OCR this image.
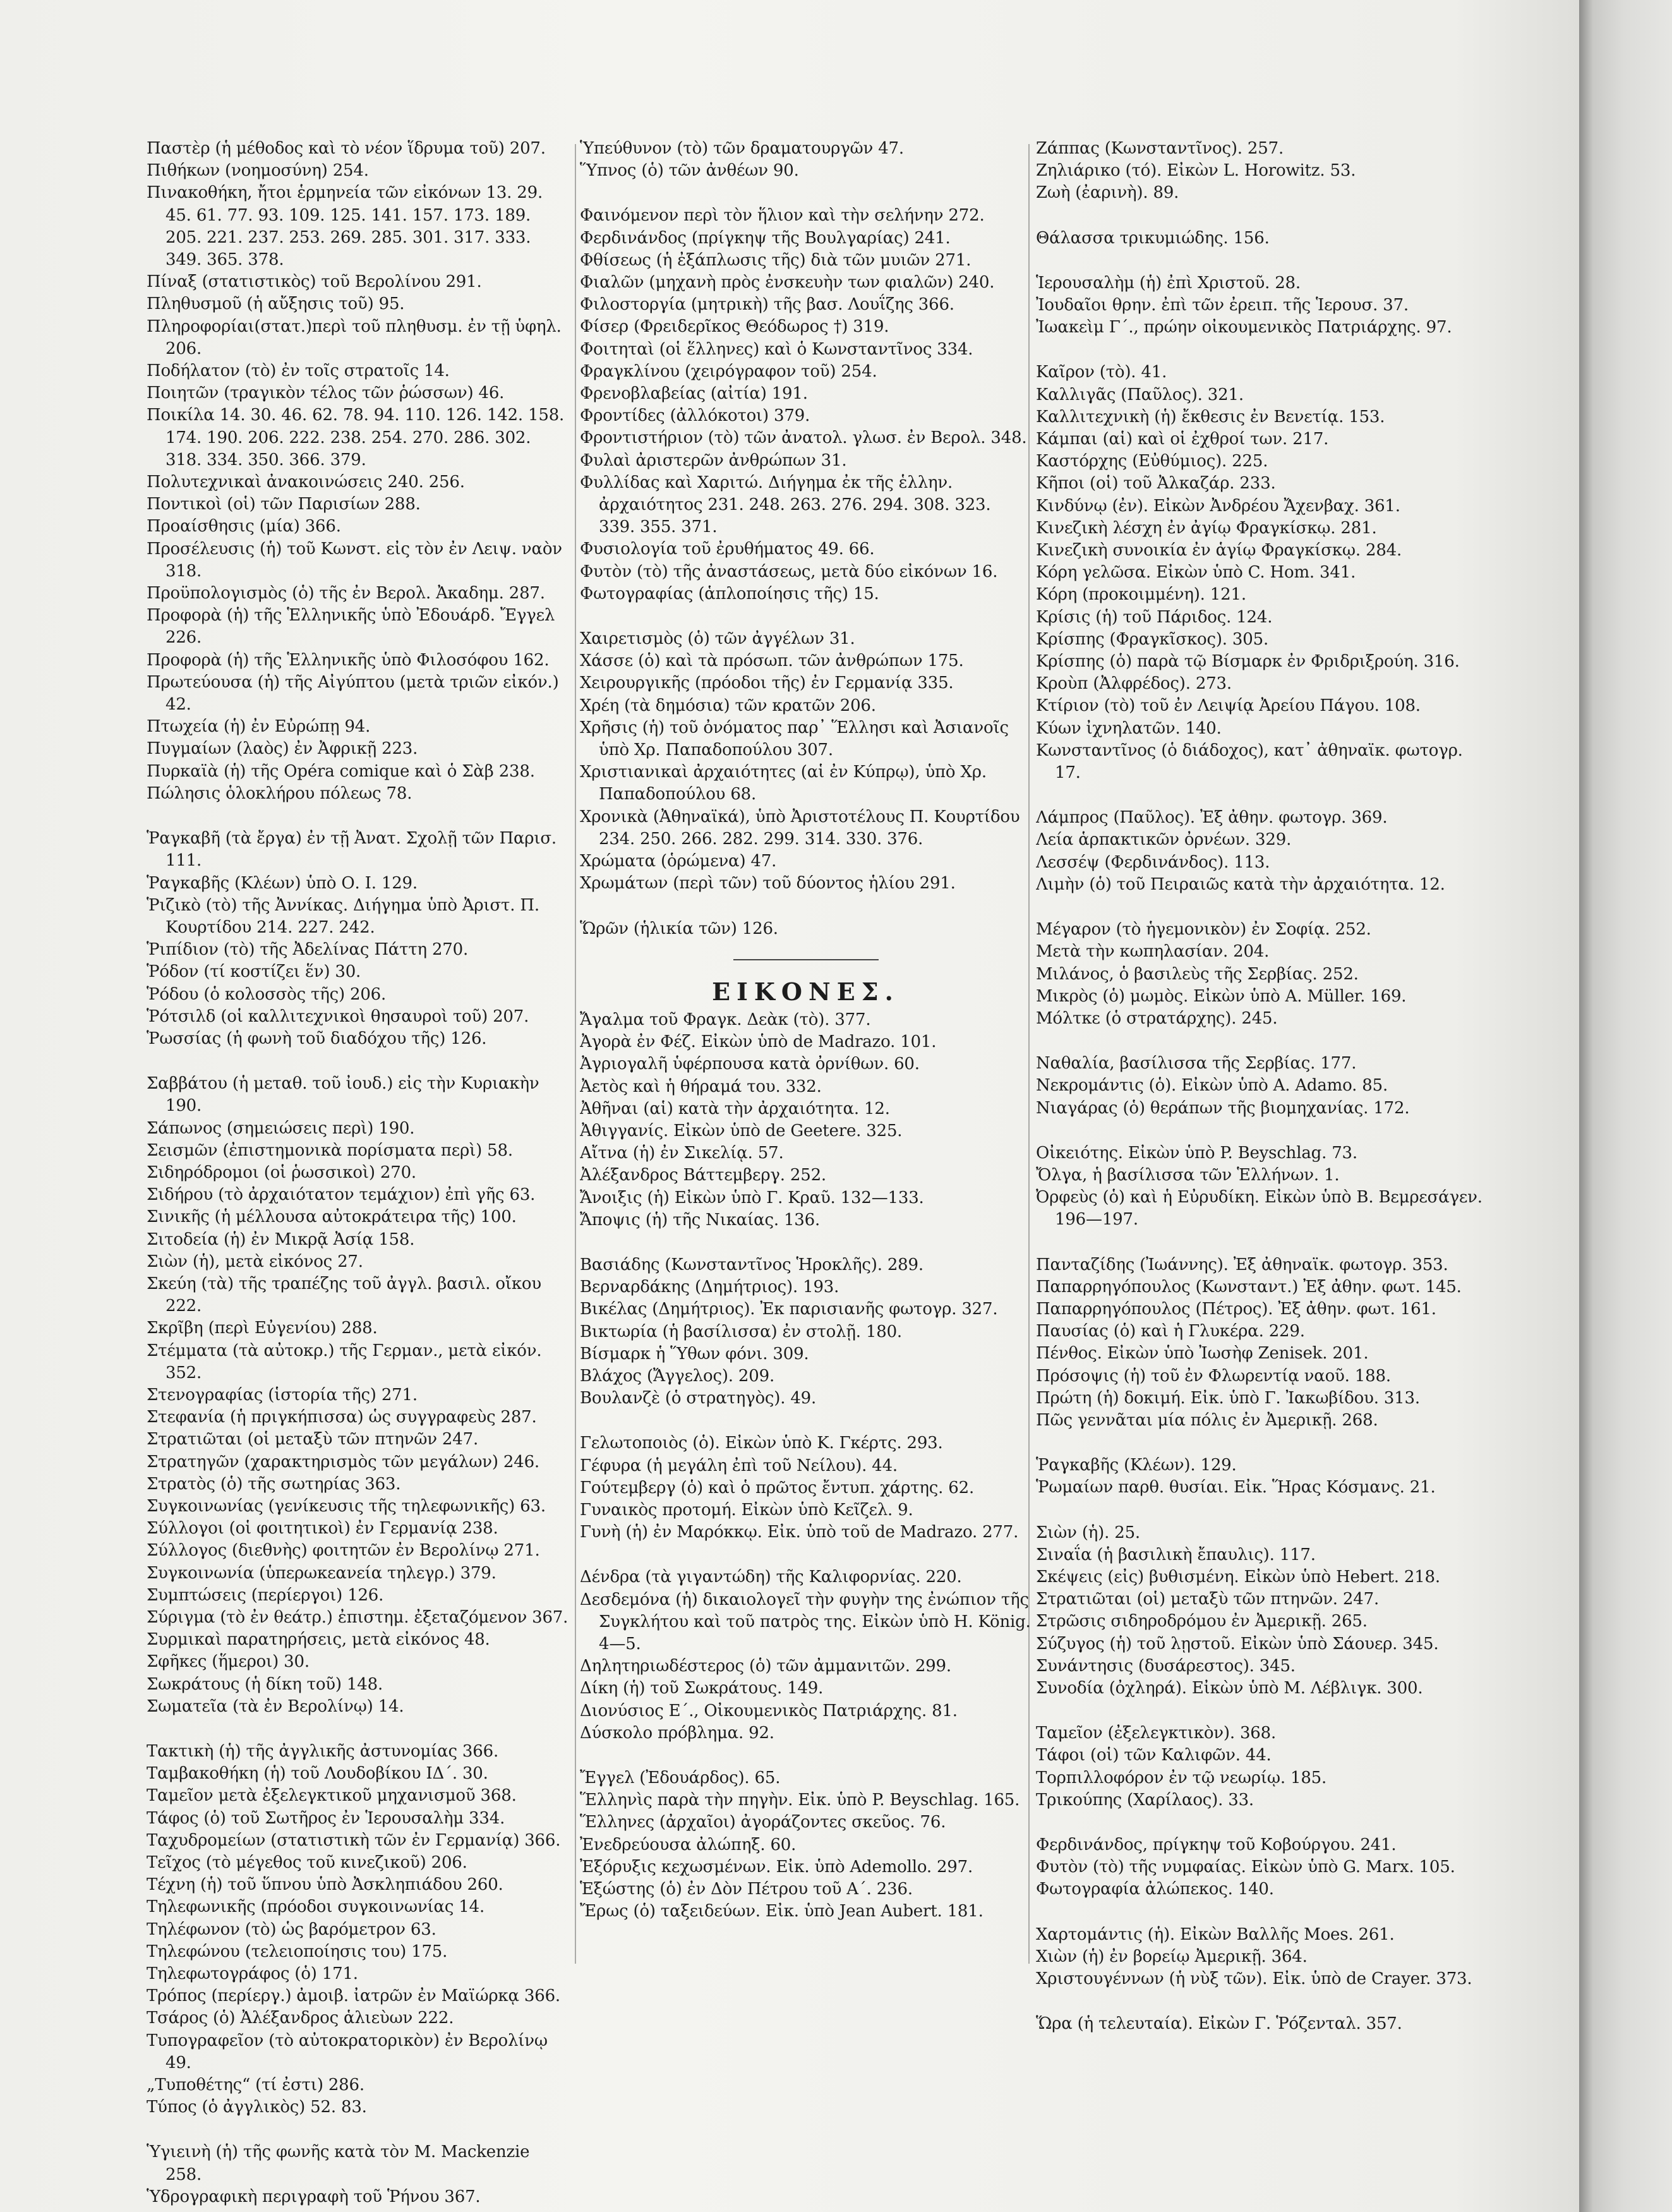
Παστὲρ (ἡ μέθοδος καὶ τὸ νέον ἵδρυμα τοῦ) 207.
Πιθήκων (νοημοσύνη) 254.
Πινακοθήκη, ἤτοι ἑρμηνεία τῶν εἰκόνων 13. 29. 45. 61. 77. 93. 109. 125. 141. 157. 173. 189. 205. 221. 237. 253. 269. 285. 301. 317. 333. 349. 365. 378.
Πίναξ (στατιστικὸς) τοῦ Βερολίνου 291.
Πληθυσμοῦ (ἡ αὔξησις τοῦ) 95.
Πληροφορίαι(στατ.)περὶ τοῦ πληθυσμ. ἐν τῇ ὑφηλ. 206.
Ποδήλατον (τὸ) ἐν τοῖς στρατοῖς 14.
Ποιητῶν (τραγικὸν τέλος τῶν ῥώσσων) 46.
Ποικίλα 14. 30. 46. 62. 78. 94. 110. 126. 142. 158. 174. 190. 206. 222. 238. 254. 270. 286. 302. 318. 334. 350. 366. 379.
Πολυτεχνικαὶ ἀνακοινώσεις 240. 256.
Ποντικοὶ (οἱ) τῶν Παρισίων 288.
Προαίσθησις (μία) 366.
Προσέλευσις (ἡ) τοῦ Κωνστ. εἰς τὸν ἐν Λειψ. ναὸν 318.
Προϋπολογισμὸς (ὁ) τῆς ἐν Βερολ. Ἀκαδημ. 287.
Προφορὰ (ἡ) τῆς Ἑλληνικῆς ὑπὸ Ἐδουάρδ. Ἔγγελ 226.
Προφορὰ (ἡ) τῆς Ἑλληνικῆς ὑπὸ Φιλοσόφου 162.
Πρωτεύουσα (ἡ) τῆς Αἰγύπτου (μετὰ τριῶν εἰκόν.) 42.
Πτωχεία (ἡ) ἐν Εὐρώπῃ 94.
Πυγμαίων (λαὸς) ἐν Ἀφρικῇ 223.
Πυρκαϊὰ (ἡ) τῆς Opéra comique καὶ ὁ Σὰβ 238.
Πώλησις ὁλοκλήρου πόλεως 78.
Ῥαγκαβῆ (τὰ ἔργα) ἐν τῇ Ἀνατ. Σχολῇ τῶν Παρισ. 111.
Ῥαγκαβῆς (Κλέων) ὑπὸ Ο. Ι. 129.
Ῥιζικὸ (τὸ) τῆς Ἀννίκας. Διήγημα ὑπὸ Ἀριστ. Π. Κουρτίδου 214. 227. 242.
Ῥιπίδιον (τὸ) τῆς Ἀδελίνας Πάττη 270.
Ῥόδον (τί κοστίζει ἕν) 30.
Ῥόδου (ὁ κολοσσὸς τῆς) 206.
Ῥότσιλδ (οἱ καλλιτεχνικοὶ θησαυροὶ τοῦ) 207.
Ῥωσσίας (ἡ φωνὴ τοῦ διαδόχου τῆς) 126.
Σαββάτου (ἡ μεταθ. τοῦ ἰουδ.) εἰς τὴν Κυριακὴν 190.
Σάπωνος (σημειώσεις περὶ) 190.
Σεισμῶν (ἐπιστημονικὰ πορίσματα περὶ) 58.
Σιδηρόδρομοι (οἱ ῥωσσικοὶ) 270.
Σιδήρου (τὸ ἀρχαιότατον τεμάχιον) ἐπὶ γῆς 63.
Σινικῆς (ἡ μέλλουσα αὐτοκράτειρα τῆς) 100.
Σιτοδεία (ἡ) ἐν Μικρᾷ Ἀσίᾳ 158.
Σιὼν (ἡ), μετὰ εἰκόνος 27.
Σκεύη (τὰ) τῆς τραπέζης τοῦ ἀγγλ. βασιλ. οἴκου 222.
Σκρῖβη (περὶ Εὐγενίου) 288.
Στέμματα (τὰ αὐτοκρ.) τῆς Γερμαν., μετὰ εἰκόν. 352.
Στενογραφίας (ἱστορία τῆς) 271.
Στεφανία (ἡ πριγκήπισσα) ὡς συγγραφεὺς 287.
Στρατιῶται (οἱ μεταξὺ τῶν πτηνῶν 247.
Στρατηγῶν (χαρακτηρισμὸς τῶν μεγάλων) 246.
Στρατὸς (ὁ) τῆς σωτηρίας 363.
Συγκοινωνίας (γενίκευσις τῆς τηλεφωνικῆς) 63.
Σύλλογοι (οἱ φοιτητικοὶ) ἐν Γερμανίᾳ 238.
Σύλλογος (διεθνὴς) φοιτητῶν ἐν Βερολίνῳ 271.
Συγκοινωνία (ὑπερωκεανεία τηλεγρ.) 379.
Συμπτώσεις (περίεργοι) 126.
Σύριγμα (τὸ ἐν θεάτρ.) ἐπιστημ. ἐξεταζόμενον 367.
Συρμικαὶ παρατηρήσεις, μετὰ εἰκόνος 48.
Σφῆκες (ἥμεροι) 30.
Σωκράτους (ἡ δίκη τοῦ) 148.
Σωματεῖα (τὰ ἐν Βερολίνῳ) 14.
Τακτικὴ (ἡ) τῆς ἀγγλικῆς ἀστυνομίας 366.
Ταμβακοθήκη (ἡ) τοῦ Λουδοβίκου ΙΔ΄. 30.
Ταμεῖον μετὰ ἐξελεγκτικοῦ μηχανισμοῦ 368.
Τάφος (ὁ) τοῦ Σωτῆρος ἐν Ἱερουσαλὴμ 334.
Ταχυδρομείων (στατιστικὴ τῶν ἐν Γερμανίᾳ) 366.
Τεῖχος (τὸ μέγεθος τοῦ κινεζικοῦ) 206.
Τέχνη (ἡ) τοῦ ὕπνου ὑπὸ Ἀσκληπιάδου 260.
Τηλεφωνικῆς (πρόοδοι συγκοινωνίας 14.
Τηλέφωνον (τὸ) ὡς βαρόμετρον 63.
Τηλεφώνου (τελειοποίησις του) 175.
Τηλεφωτογράφος (ὁ) 171.
Τρόπος (περίεργ.) ἀμοιβ. ἰατρῶν ἐν Μαϊώρκᾳ 366.
Τσάρος (ὁ) Ἀλέξανδρος ἁλιεὺων 222.
Τυπογραφεῖον (τὸ αὐτοκρατορικὸν) ἐν Βερολίνῳ 49.
„Τυποθέτης“ (τί ἐστι) 286.
Τύπος (ὁ ἀγγλικὸς) 52. 83.
Ὑγιεινὴ (ἡ) τῆς φωνῆς κατὰ τὸν M. Mackenzie 258.
Ὑδρογραφικὴ περιγραφὴ τοῦ Ῥήνου 367.
Ὑπεύθυνον (τὸ) τῶν δραματουργῶν 47.
Ὕπνος (ὁ) τῶν ἀνθέων 90.
Φαινόμενον περὶ τὸν ἥλιον καὶ τὴν σελήνην 272.
Φερδινάνδος (πρίγκηψ τῆς Βουλγαρίας) 241.
Φθίσεως (ἡ ἐξάπλωσις τῆς) διὰ τῶν μυιῶν 271.
Φιαλῶν (μηχανὴ πρὸς ἐνσκευὴν των φιαλῶν) 240.
Φιλοστοργία (μητρικὴ) τῆς βασ. Λουΐζης 366.
Φίσερ (Φρειδερῖκος Θεόδωρος †) 319.
Φοιτηταὶ (οἱ ἕλληνες) καὶ ὁ Κωνσταντῖνος 334.
Φραγκλίνου (χειρόγραφον τοῦ) 254.
Φρενοβλαβείας (αἰτία) 191.
Φροντίδες (ἀλλόκοτοι) 379.
Φροντιστήριον (τὸ) τῶν ἀνατολ. γλωσ. ἐν Βερολ. 348.
Φυλαὶ ἀριστερῶν ἀνθρώπων 31.
Φυλλίδας καὶ Χαριτώ. Διήγημα ἐκ τῆς ἑλλην. ἀρχαιότητος 231. 248. 263. 276. 294. 308. 323. 339. 355. 371.
Φυσιολογία τοῦ ἐρυθήματος 49. 66.
Φυτὸν (τὸ) τῆς ἀναστάσεως, μετὰ δύο εἰκόνων 16.
Φωτογραφίας (ἁπλοποίησις τῆς) 15.
Χαιρετισμὸς (ὁ) τῶν ἀγγέλων 31.
Χάσσε (ὁ) καὶ τὰ πρόσωπ. τῶν ἀνθρώπων 175.
Χειρουργικῆς (πρόοδοι τῆς) ἐν Γερμανίᾳ 335.
Χρέη (τὰ δημόσια) τῶν κρατῶν 206.
Χρῆσις (ἡ) τοῦ ὀνόματος παρ᾽ Ἕλλησι καὶ Ἀσιανοῖς ὑπὸ Χρ. Παπαδοπούλου 307.
Χριστιανικαὶ ἀρχαιότητες (αἱ ἐν Κύπρῳ), ὑπὸ Χρ. Παπαδοπούλου 68.
Χρονικὰ (Ἀθηναϊκά), ὑπὸ Ἀριστοτέλους Π. Κουρτίδου 234. 250. 266. 282. 299. 314. 330. 376.
Χρώματα (ὁρώμενα) 47.
Χρωμάτων (περὶ τῶν) τοῦ δύοντος ἡλίου 291.
Ὥρῶν (ἡλικία τῶν) 126.
ΕΙΚΟΝΕΣ.
Ἄγαλμα τοῦ Φραγκ. Δεὰκ (τὸ). 377.
Ἀγορὰ ἐν Φέζ. Εἰκὼν ὑπὸ de Madrazo. 101.
Ἀγριογαλῆ ὑφέρπουσα κατὰ ὀρνίθων. 60.
Ἀετὸς καὶ ἡ θήραμά του. 332.
Ἀθῆναι (αἱ) κατὰ τὴν ἀρχαιότητα. 12.
Ἀθιγγανίς. Εἰκὼν ὑπὸ de Geetere. 325.
Αἴτνα (ἡ) ἐν Σικελίᾳ. 57.
Ἀλέξανδρος Βάττεμβεργ. 252.
Ἄνοιξις (ἡ) Εἰκὼν ὑπὸ Γ. Κραῦ. 132—133.
Ἄποψις (ἡ) τῆς Νικαίας. 136.
Βασιάδης (Κωνσταντῖνος Ἡροκλῆς). 289.
Βερναρδάκης (Δημήτριος). 193.
Βικέλας (Δημήτριος). Ἐκ παρισιανῆς φωτογρ. 327.
Βικτωρία (ἡ βασίλισσα) ἐν στολῇ. 180.
Βίσμαρκ ἡ Ὕθων φόνι. 309.
Βλάχος (Ἄγγελος). 209.
Βουλανζὲ (ὁ στρατηγὸς). 49.
Γελωτοποιὸς (ὁ). Εἰκὼν ὑπὸ Κ. Γκέρτς. 293.
Γέφυρα (ἡ μεγάλη ἐπὶ τοῦ Νείλου). 44.
Γούτεμβεργ (ὁ) καὶ ὁ πρῶτος ἔντυπ. χάρτης. 62.
Γυναικὸς προτομή. Εἰκὼν ὑπὸ Κεῖζελ. 9.
Γυνὴ (ἡ) ἐν Μαρόκκῳ. Εἰκ. ὑπὸ τοῦ de Madrazo. 277.
Δένδρα (τὰ γιγαντώδη) τῆς Καλιφορνίας. 220.
Δεσδεμόνα (ἡ) δικαιολογεῖ τὴν φυγὴν της ἐνώπιον τῆς Συγκλήτου καὶ τοῦ πατρὸς της. Εἰκὼν ὑπὸ H. König. 4—5.
Δηλητηριωδέστερος (ὁ) τῶν ἀμμανιτῶν. 299.
Δίκη (ἡ) τοῦ Σωκράτους. 149.
Διονύσιος Ε΄., Οἰκουμενικὸς Πατριάρχης. 81.
Δύσκολο πρόβλημα. 92.
Ἔγγελ (Ἐδουάρδος). 65.
Ἕλληνὶς παρὰ τὴν πηγὴν. Εἰκ. ὑπὸ P. Beyschlag. 165.
Ἕλληνες (ἀρχαῖοι) ἀγοράζοντες σκεῦος. 76.
Ἐνεδρεύουσα ἀλώπηξ. 60.
Ἐξόρυξις κεχωσμένων. Εἰκ. ὑπὸ Ademollo. 297.
Ἑξώστης (ὁ) ἐν Δὸν Πέτρου τοῦ Α΄. 236.
Ἔρως (ὁ) ταξειδεύων. Εἰκ. ὑπὸ Jean Aubert. 181.
Ζάππας (Κωνσταντῖνος). 257.
Ζηλιάρικο (τό). Εἰκὼν L. Horowitz. 53.
Ζωὴ (ἐαρινὴ). 89.
Θάλασσα τρικυμιώδης. 156.
Ἱερουσαλὴμ (ἡ) ἐπὶ Χριστοῦ. 28.
Ἰουδαῖοι θρην. ἐπὶ τῶν ἐρειπ. τῆς Ἱερουσ. 37.
Ἰωακεὶμ Γ΄., πρώην οἰκουμενικὸς Πατριάρχης. 97.
Καῖρον (τὸ). 41.
Καλλιγᾶς (Παῦλος). 321.
Καλλιτεχνικὴ (ἡ) ἔκθεσις ἐν Βενετίᾳ. 153.
Κάμπαι (αἱ) καὶ οἱ ἐχθροί των. 217.
Καστόρχης (Εὐθύμιος). 225.
Κῆποι (οἱ) τοῦ Ἀλκαζάρ. 233.
Κινδύνῳ (ἐν). Εἰκὼν Ἀνδρέου Ἄχενβαχ. 361.
Κινεζικὴ λέσχη ἐν ἀγίῳ Φραγκίσκῳ. 281.
Κινεζικὴ συνοικία ἐν ἁγίῳ Φραγκίσκῳ. 284.
Κόρη γελῶσα. Εἰκὼν ὑπὸ C. Hom. 341.
Κόρη (προκοιμμένη). 121.
Κρίσις (ἡ) τοῦ Πάριδος. 124.
Κρίσπης (Φραγκῖσκος). 305.
Κρίσπης (ὁ) παρὰ τῷ Βίσμαρκ ἐν Φριδριξρούη. 316.
Κροὺπ (Ἀλφρέδος). 273.
Κτίριον (τὸ) τοῦ ἐν Λειψίᾳ Ἀρείου Πάγου. 108.
Κύων ἰχνηλατῶν. 140.
Κωνσταντῖνος (ὁ διάδοχος), κατ᾽ ἀθηναϊκ. φωτογρ. 17.
Λάμπρος (Παῦλος). Ἐξ ἀθην. φωτογρ. 369.
Λεία ἁρπακτικῶν ὀρνέων. 329.
Λεσσέψ (Φερδινάνδος). 113.
Λιμὴν (ὁ) τοῦ Πειραιῶς κατὰ τὴν ἀρχαιότητα. 12.
Μέγαρον (τὸ ἡγεμονικὸν) ἐν Σοφίᾳ. 252.
Μετὰ τὴν κωπηλασίαν. 204.
Μιλάνος, ὁ βασιλεὺς τῆς Σερβίας. 252.
Μικρὸς (ὁ) μωμὸς. Εἰκὼν ὑπὸ A. Müller. 169.
Μόλτκε (ὁ στρατάρχης). 245.
Ναθαλία, βασίλισσα τῆς Σερβίας. 177.
Νεκρομάντις (ὁ). Εἰκὼν ὑπὸ A. Adamo. 85.
Νιαγάρας (ὁ) θεράπων τῆς βιομηχανίας. 172.
Οἰκειότης. Εἰκὼν ὑπὸ P. Beyschlag. 73.
Ὄλγα, ἡ βασίλισσα τῶν Ἑλλήνων. 1.
Ὀρφεὺς (ὁ) καὶ ἡ Εὐρυδίκη. Εἰκὼν ὑπὸ B. Βεμρεσάγεν. 196—197.
Πανταζίδης (Ἰωάννης). Ἐξ ἀθηναϊκ. φωτογρ. 353.
Παπαρρηγόπουλος (Κωνσταντ.) Ἐξ ἀθην. φωτ. 145.
Παπαρρηγόπουλος (Πέτρος). Ἐξ ἀθην. φωτ. 161.
Παυσίας (ὁ) καὶ ἡ Γλυκέρα. 229.
Πένθος. Εἰκὼν ὑπὸ Ἰωσὴφ Zenisek. 201.
Πρόσοψις (ἡ) τοῦ ἐν Φλωρεντίᾳ ναοῦ. 188.
Πρώτη (ἡ) δοκιμή. Εἰκ. ὑπὸ Γ. Ἰακωβίδου. 313.
Πῶς γεννᾶται μία πόλις ἐν Ἀμερικῇ. 268.
Ῥαγκαβῆς (Κλέων). 129.
Ῥωμαίων παρθ. θυσίαι. Εἰκ. Ἥρας Κόσμανς. 21.
Σιὼν (ἡ). 25.
Σιναΐα (ἡ βασιλικὴ ἔπαυλις). 117.
Σκέψεις (εἰς) βυθισμένη. Εἰκὼν ὑπὸ Hebert. 218.
Στρατιῶται (οἱ) μεταξὺ τῶν πτηνῶν. 247.
Στρῶσις σιδηροδρόμου ἐν Ἀμερικῇ. 265.
Σύζυγος (ἡ) τοῦ λῃστοῦ. Εἰκὼν ὑπὸ Σάουερ. 345.
Συνάντησις (δυσάρεστος). 345.
Συνοδία (ὀχληρά). Εἰκὼν ὑπὸ M. Λέβλιγκ. 300.
Ταμεῖον (ἐξελεγκτικὸν). 368.
Τάφοι (οἱ) τῶν Καλιφῶν. 44.
Τορπιλλοφόρον ἐν τῷ νεωρίῳ. 185.
Τρικούπης (Χαρίλαος). 33.
Φερδινάνδος, πρίγκηψ τοῦ Κοβούργου. 241.
Φυτὸν (τὸ) τῆς νυμφαίας. Εἰκὼν ὑπὸ G. Marx. 105.
Φωτογραφία ἀλώπεκος. 140.
Χαρτομάντις (ἡ). Εἰκὼν Βαλλῆς Moes. 261.
Χιὼν (ἡ) ἐν βορείῳ Ἀμερικῇ. 364.
Χριστουγέννων (ἡ νὺξ τῶν). Εἰκ. ὑπὸ de Crayer. 373.
Ὥρα (ἡ τελευταία). Εἰκὼν Γ. Ῥόζενταλ. 357.
